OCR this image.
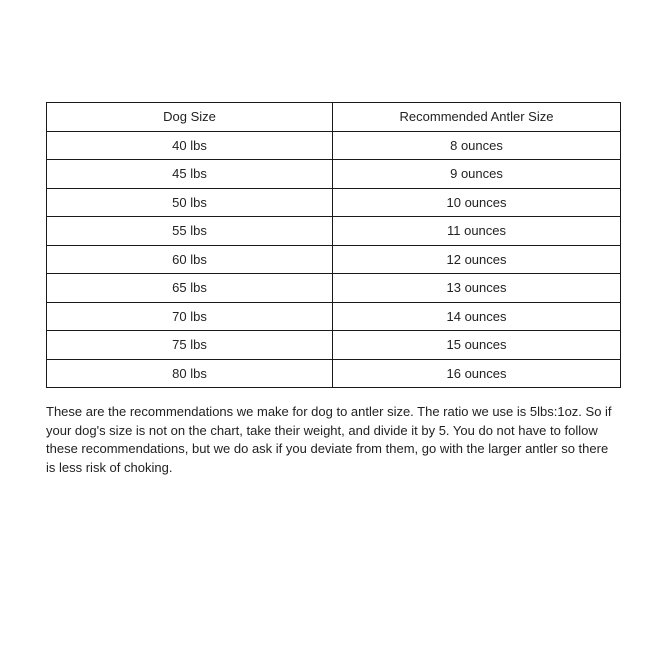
Dog Size	Recommended Antler Size
40 lbs	8 ounces
45 lbs	9 ounces
50 lbs	10 ounces
55 lbs	11 ounces
60 lbs	12 ounces
65 lbs	13 ounces
70 lbs	14 ounces
75 lbs	15 ounces
80 lbs	16 ounces

These are the recommendations we make for dog to antler size. The ratio we use is 5lbs:1oz. So if your dog's size is not on the chart, take their weight, and divide it by 5. You do not have to follow these recommendations, but we do ask if you deviate from them, go with the larger antler so there is less risk of choking.
